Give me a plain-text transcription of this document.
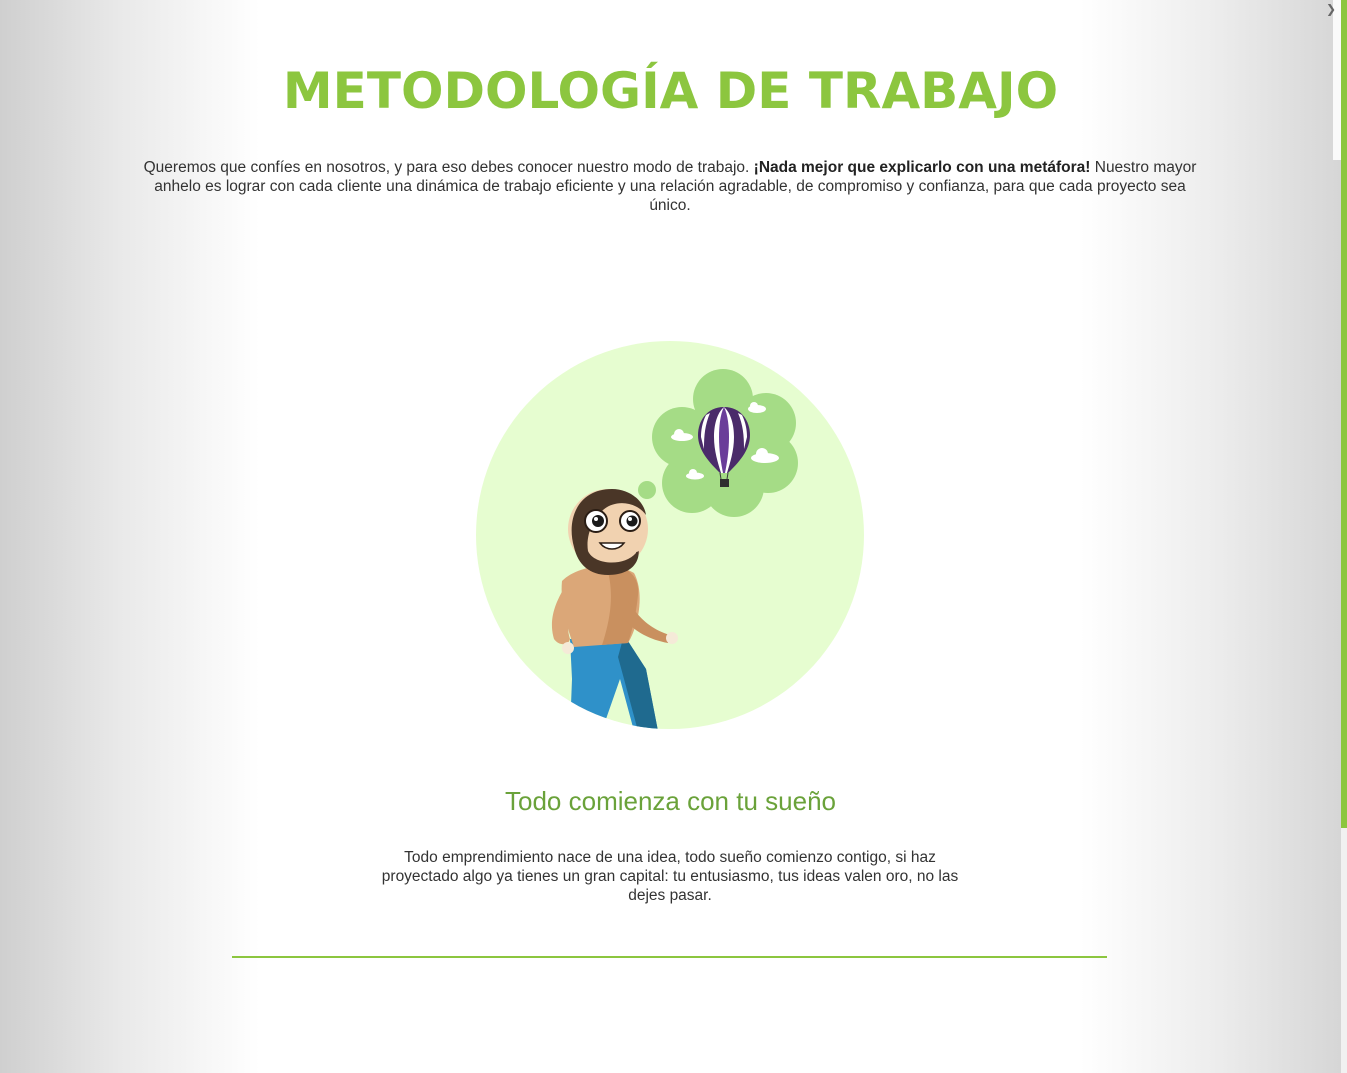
METODOLOGÍA DE TRABAJO

Queremos que confíes en nosotros, y para eso debes conocer nuestro modo de trabajo. ¡Nada mejor que explicarlo con una metáfora! Nuestro mayor anhelo es lograr con cada cliente una dinámica de trabajo eficiente y una relación agradable, de compromiso y confianza, para que cada proyecto sea único.

Todo comienza con tu sueño

Todo emprendimiento nace de una idea, todo sueño comienzo contigo, si haz proyectado algo ya tienes un gran capital: tu entusiasmo, tus ideas valen oro, no las dejes pasar.

❯
